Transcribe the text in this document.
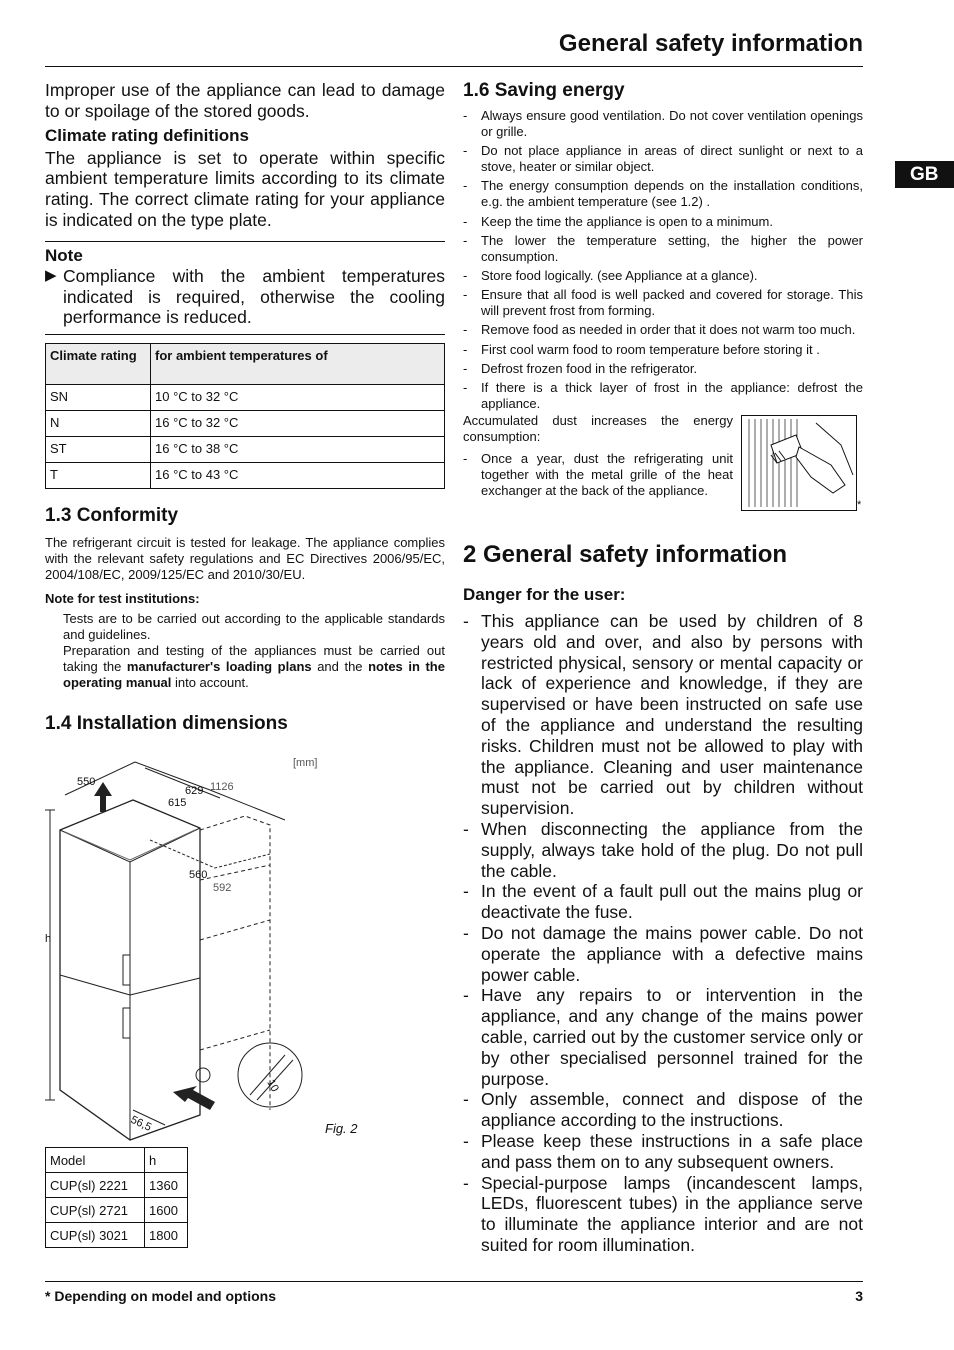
General safety information
GB

Improper use of the appliance can lead to damage to or spoilage of the stored goods.

Climate rating definitions

The appliance is set to operate within specific ambient temperature limits according to its climate rating. The correct climate rating for your appliance is indicated on the type plate.

Note

▶ Compliance with the ambient temperatures indicated is required, otherwise the cooling performance is reduced.
Climate rating	for ambient temperatures of
SN	10 °C to 32 °C
N	16 °C to 32 °C
ST	16 °C to 38 °C
T	16 °C to 43 °C
1.3 Conformity

The refrigerant circuit is tested for leakage. The appliance complies with the relevant safety regulations and EC Directives 2006/95/EC, 2004/108/EC, 2009/125/EC and 2010/30/EU.

Note for test institutions:

Tests are to be carried out according to the applicable standards and guidelines.

Preparation and testing of the appliances must be carried out taking the manufacturer's loading plans and the notes in the operating manual into account.

1.4 Installation dimensions
[mm]
550
629 1126
615
560
592
h
56,5
10
Fig. 2
Model	h
CUP(sl) 2221	1360
CUP(sl) 2721	1600
CUP(sl) 3021	1800
1.6 Saving energy
-	Always ensure good ventilation. Do not cover ventilation openings or grille.
-	Do not place appliance in areas of direct sunlight or next to a stove, heater or similar object.
-	The energy consumption depends on the installation conditions, e.g. the ambient temperature (see 1.2) .
-	Keep the time the appliance is open to a minimum.
-	The lower the temperature setting, the higher the power consumption.
-	Store food logically. (see Appliance at a glance).
-	Ensure that all food is well packed and covered for storage. This will prevent frost from forming.
-	Remove food as needed in order that it does not warm too much.
-	First cool warm food to room temperature before storing it .
-	Defrost frozen food in the refrigerator.
-	If there is a thick layer of frost in the appliance: defrost the appliance.

Accumulated dust increases the energy consumption:

-	Once a year, dust the refrigerating unit together with the metal grille of the heat exchanger at the back of the appliance.
*
2 General safety information
Danger for the user:
- This appliance can be used by children of 8 years old and over, and also by persons with restricted physical, sensory or mental capacity or lack of experience and knowledge, if they are supervised or have been instructed on safe use of the appliance and understand the resulting risks. Children must not be allowed to play with the appliance. Cleaning and user maintenance must not be carried out by children without supervision.
- When disconnecting the appliance from the supply, always take hold of the plug. Do not pull the cable.
- In the event of a fault pull out the mains plug or deactivate the fuse.
- Do not damage the mains power cable. Do not operate the appliance with a defective mains power cable.
- Have any repairs to or intervention in the appliance, and any change of the mains power cable, carried out by the customer service only or by other specialised personnel trained for the purpose.
- Only assemble, connect and dispose of the appliance according to the instructions.
- Please keep these instructions in a safe place and pass them on to any subsequent owners.
- Special-purpose lamps (incandescent lamps, LEDs, fluorescent tubes) in the appliance serve to illuminate the appliance interior and are not suited for room illumination.
* Depending on model and options	3
